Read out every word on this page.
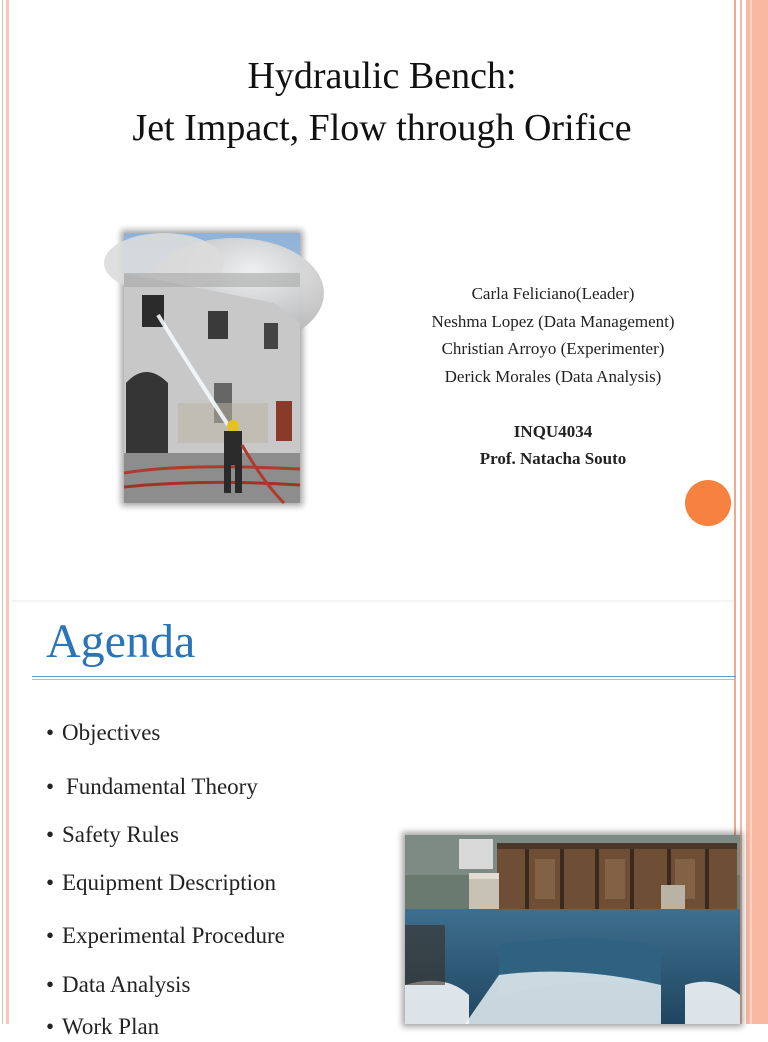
Hydraulic Bench:
Jet Impact, Flow through Orifice
Carla Feliciano(Leader)
Neshma Lopez (Data Management)
Christian Arroyo (Experimenter)
Derick Morales (Data Analysis)
INQU4034
Prof. Natacha Souto
Agenda
• Objectives
• Fundamental Theory
• Safety Rules
• Equipment Description
• Experimental Procedure
• Data Analysis
• Work Plan
